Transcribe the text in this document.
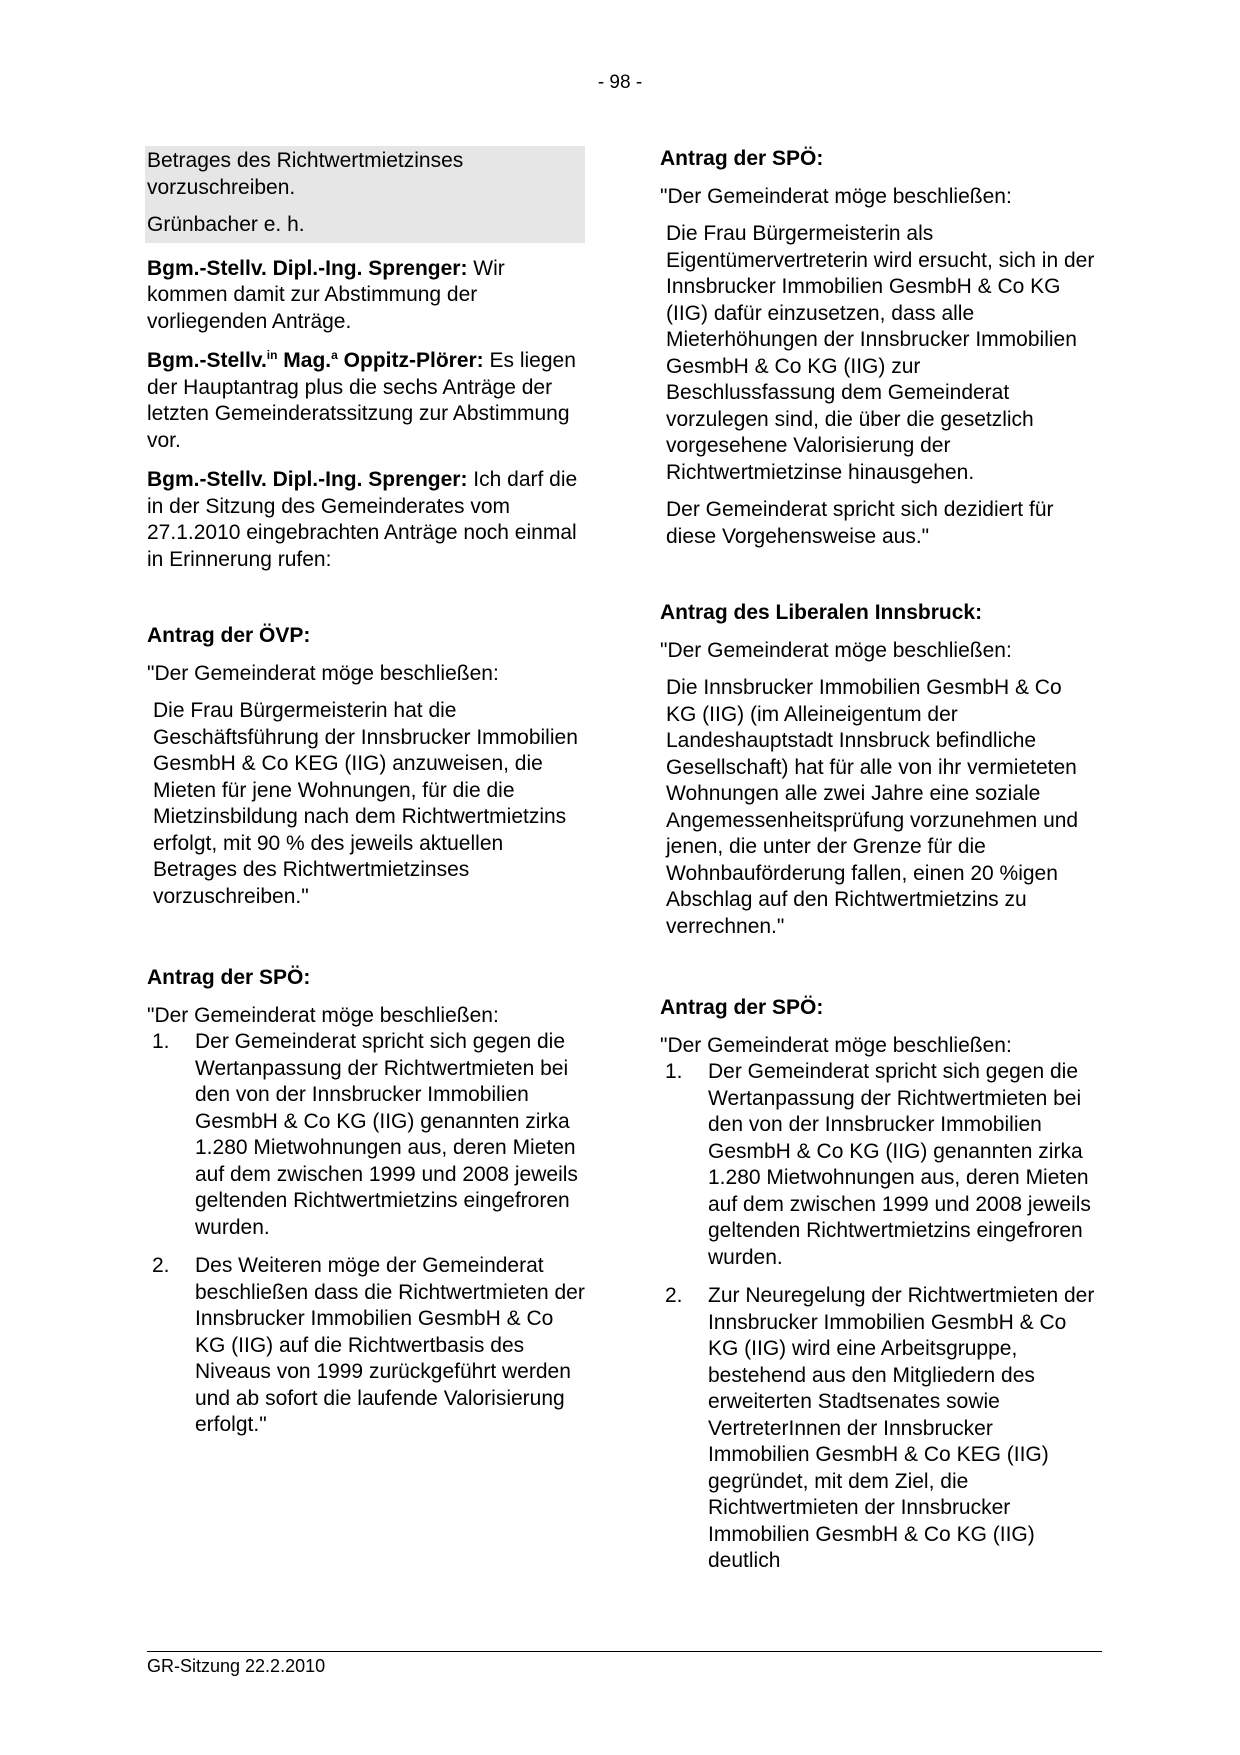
- 98 -

Betrages des Richtwertmietzinses vorzuschreiben.

Grünbacher e. h.

Bgm.-Stellv. Dipl.-Ing. Sprenger: Wir kommen damit zur Abstimmung der vorliegenden Anträge.

Bgm.-Stellv.$^{in}$ Mag.$^a$ Oppitz-Plörer: Es liegen der Hauptantrag plus die sechs Anträge der letzten Gemeinderatssitzung zur Abstimmung vor.

Bgm.-Stellv. Dipl.-Ing. Sprenger: Ich darf die in der Sitzung des Gemeinderates vom 27.1.2010 eingebrachten Anträge noch einmal in Erinnerung rufen:

Antrag der ÖVP:

"Der Gemeinderat möge beschließen:

Die Frau Bürgermeisterin hat die Geschäftsführung der Innsbrucker Immobilien GesmbH & Co KEG (IIG) anzuweisen, die Mieten für jene Wohnungen, für die die Mietzinsbildung nach dem Richtwertmietzins erfolgt, mit 90 % des jeweils aktuellen Betrages des Richtwertmietzinses vorzuschreiben."

Antrag der SPÖ:

"Der Gemeinderat möge beschließen:

1.	Der Gemeinderat spricht sich gegen die Wertanpassung der Richtwertmieten bei den von der Innsbrucker Immobilien GesmbH & Co KG (IIG) genannten zirka 1.280 Mietwohnungen aus, deren Mieten auf dem zwischen 1999 und 2008 jeweils geltenden Richtwertmietzins eingefroren wurden.
2.	Des Weiteren möge der Gemeinderat beschließen dass die Richtwertmieten der Innsbrucker Immobilien GesmbH & Co KG (IIG) auf die Richtwertbasis des Niveaus von 1999 zurückgeführt werden und ab sofort die laufende Valorisierung erfolgt."

Antrag der SPÖ:

"Der Gemeinderat möge beschließen:

Die Frau Bürgermeisterin als Eigentümervertreterin wird ersucht, sich in der Innsbrucker Immobilien GesmbH & Co KG (IIG) dafür einzusetzen, dass alle Mieterhöhungen der Innsbrucker Immobilien GesmbH & Co KG (IIG) zur Beschlussfassung dem Gemeinderat vorzulegen sind, die über die gesetzlich vorgesehene Valorisierung der Richtwertmietzinse hinausgehen.

Der Gemeinderat spricht sich dezidiert für diese Vorgehensweise aus."

Antrag des Liberalen Innsbruck:

"Der Gemeinderat möge beschließen:

Die Innsbrucker Immobilien GesmbH & Co KG (IIG) (im Alleineigentum der Landeshauptstadt Innsbruck befindliche Gesellschaft) hat für alle von ihr vermieteten Wohnungen alle zwei Jahre eine soziale Angemessenheitsprüfung vorzunehmen und jenen, die unter der Grenze für die Wohnbauförderung fallen, einen 20 %igen Abschlag auf den Richtwertmietzins zu verrechnen."

Antrag der SPÖ:

"Der Gemeinderat möge beschließen:

1.	Der Gemeinderat spricht sich gegen die Wertanpassung der Richtwertmieten bei den von der Innsbrucker Immobilien GesmbH & Co KG (IIG) genannten zirka 1.280 Mietwohnungen aus, deren Mieten auf dem zwischen 1999 und 2008 jeweils geltenden Richtwertmietzins eingefroren wurden.
2.	Zur Neuregelung der Richtwertmieten der Innsbrucker Immobilien GesmbH & Co KG (IIG) wird eine Arbeitsgruppe, bestehend aus den Mitgliedern des erweiterten Stadtsenates sowie VertreterInnen der Innsbrucker Immobilien GesmbH & Co KEG (IIG) gegründet, mit dem Ziel, die Richtwertmieten der Innsbrucker Immobilien GesmbH & Co KG (IIG) deutlich
GR-Sitzung 22.2.2010
